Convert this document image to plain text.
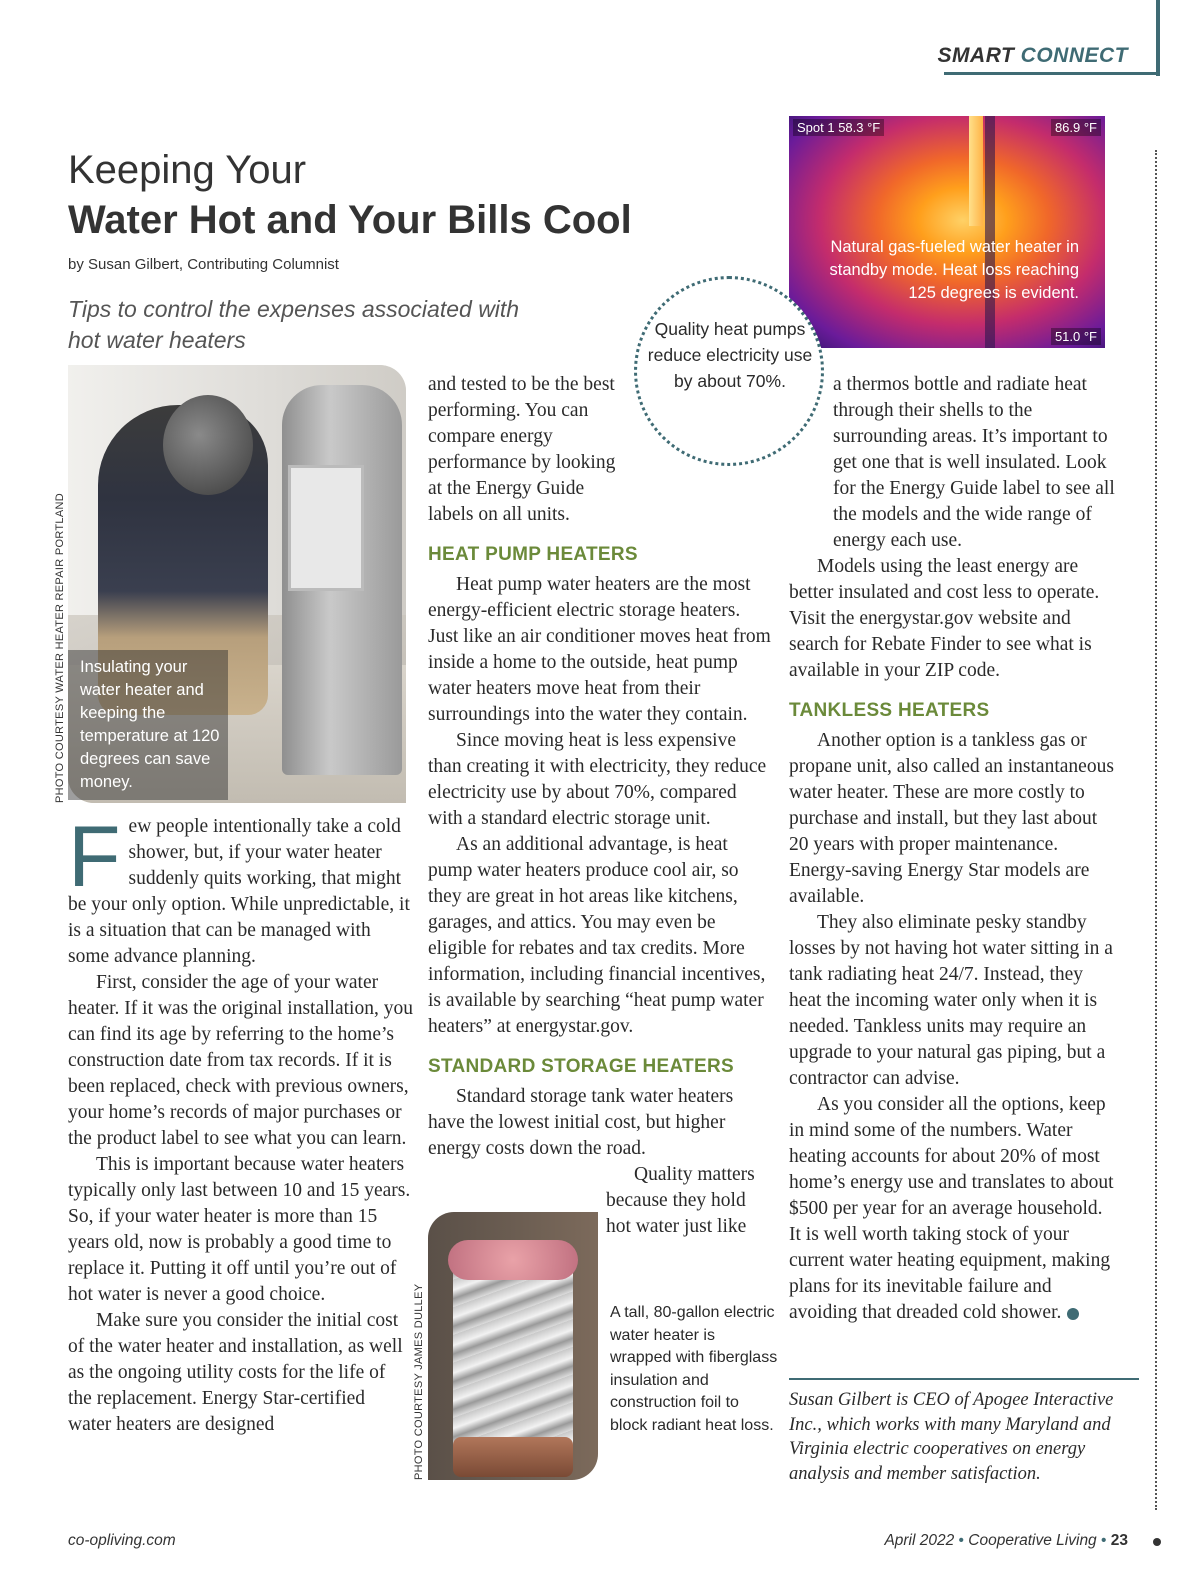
SMART CONNECT
Keeping Your
Water Hot and Your Bills Cool
by Susan Gilbert, Contributing Columnist
Tips to control the expenses associated with hot water heaters
Spot 1 58.3 °F	86.9 °F
51.0 °F
Natural gas-fueled water heater in standby mode. Heat loss reaching 125 degrees is evident.
Insulating your water heater and keeping the temperature at 120 degrees can save money.
PHOTO COURTESY WATER HEATER REPAIR PORTLAND
Quality heat pumps reduce electricity use by about 70%.

Few people intentionally take a cold shower, but, if your water heater suddenly quits working, that might be your only option. While unpredictable, it is a situation that can be managed with some advance planning.

First, consider the age of your water heater. If it was the original installation, you can find its age by referring to the home’s construction date from tax records. If it is been replaced, check with previous owners, your home’s records of major purchases or the product label to see what you can learn.

This is important because water heaters typically only last between 10 and 15 years. So, if your water heater is more than 15 years old, now is probably a good time to replace it. Putting it off until you’re out of hot water is never a good choice.

Make sure you consider the initial cost of the water heater and installation, as well as the ongoing utility costs for the life of the replacement. Energy Star-certified water heaters are designed

and tested to be the best performing. You can compare energy performance by looking at the Energy Guide labels on all units.

HEAT PUMP HEATERS

Heat pump water heaters are the most energy-efficient electric storage heaters. Just like an air conditioner moves heat from inside a home to the outside, heat pump water heaters move heat from their surroundings into the water they contain.

Since moving heat is less expensive than creating it with electricity, they reduce electricity use by about 70%, compared with a standard electric storage unit.

As an additional advantage, is heat pump water heaters produce cool air, so they are great in hot areas like kitchens, garages, and attics. You may even be eligible for rebates and tax credits. More information, including financial incentives, is available by searching “heat pump water heaters” at energystar.gov.

STANDARD STORAGE HEATERS

Standard storage tank water heaters have the lowest initial cost, but higher energy costs down the road.

Quality matters because they hold hot water just like

PHOTO COURTESY JAMES DULLEY	A tall, 80-gallon electric water heater is wrapped with fiberglass insulation and construction foil to block radiant heat loss.

a thermos bottle and radiate heat through their shells to the surrounding areas. It’s important to get one that is well insulated. Look for the Energy Guide label to see all the models and the wide range of energy each use.

Models using the least energy are better insulated and cost less to operate. Visit the energystar.gov website and search for Rebate Finder to see what is available in your ZIP code.

TANKLESS HEATERS

Another option is a tankless gas or propane unit, also called an instantaneous water heater. These are more costly to purchase and install, but they last about 20 years with proper maintenance. Energy-saving Energy Star models are available.

They also eliminate pesky standby losses by not having hot water sitting in a tank radiating heat 24/7. Instead, they heat the incoming water only when it is needed. Tankless units may require an upgrade to your natural gas piping, but a contractor can advise.

As you consider all the options, keep in mind some of the numbers. Water heating accounts for about 20% of most home’s energy use and translates to about $500 per year for an average household. It is well worth taking stock of your current water heating equipment, making plans for its inevitable failure and avoiding that dreaded cold shower.

Susan Gilbert is CEO of Apogee Interactive Inc., which works with many Maryland and Virginia electric cooperatives on energy analysis and member satisfaction.
co-opliving.com	April 2022 • Cooperative Living • 23
